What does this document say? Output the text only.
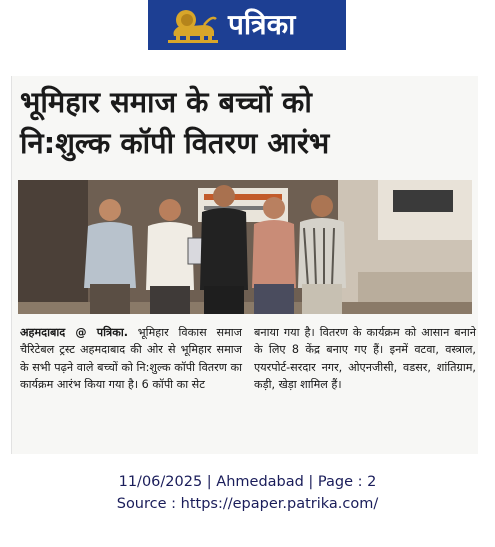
पत्रिका
भूमिहार समाज के बच्चों को
नि:शुल्क कॉपी वितरण आरंभ

अहमदाबाद @ पत्रिका. भूमिहार विकास समाज चैरिटेबल ट्रस्ट अहमदाबाद की ओर से भूमिहार समाज के सभी पढ़ने वाले बच्चों को नि:शुल्क कॉपी वितरण का कार्यक्रम आरंभ किया गया है। 6 कॉपी का सेट

बनाया गया है। वितरण के कार्यक्रम को आसान बनाने के लिए 8 केंद्र बनाए गए हैं। इनमें वटवा, वस्त्राल, एयरपोर्ट-सरदार नगर, ओएनजीसी, वडसर, शांतिग्राम, कड़ी, खेड़ा शामिल हैं।

11/06/2025 | Ahmedabad | Page : 2

Source : https://epaper.patrika.com/
